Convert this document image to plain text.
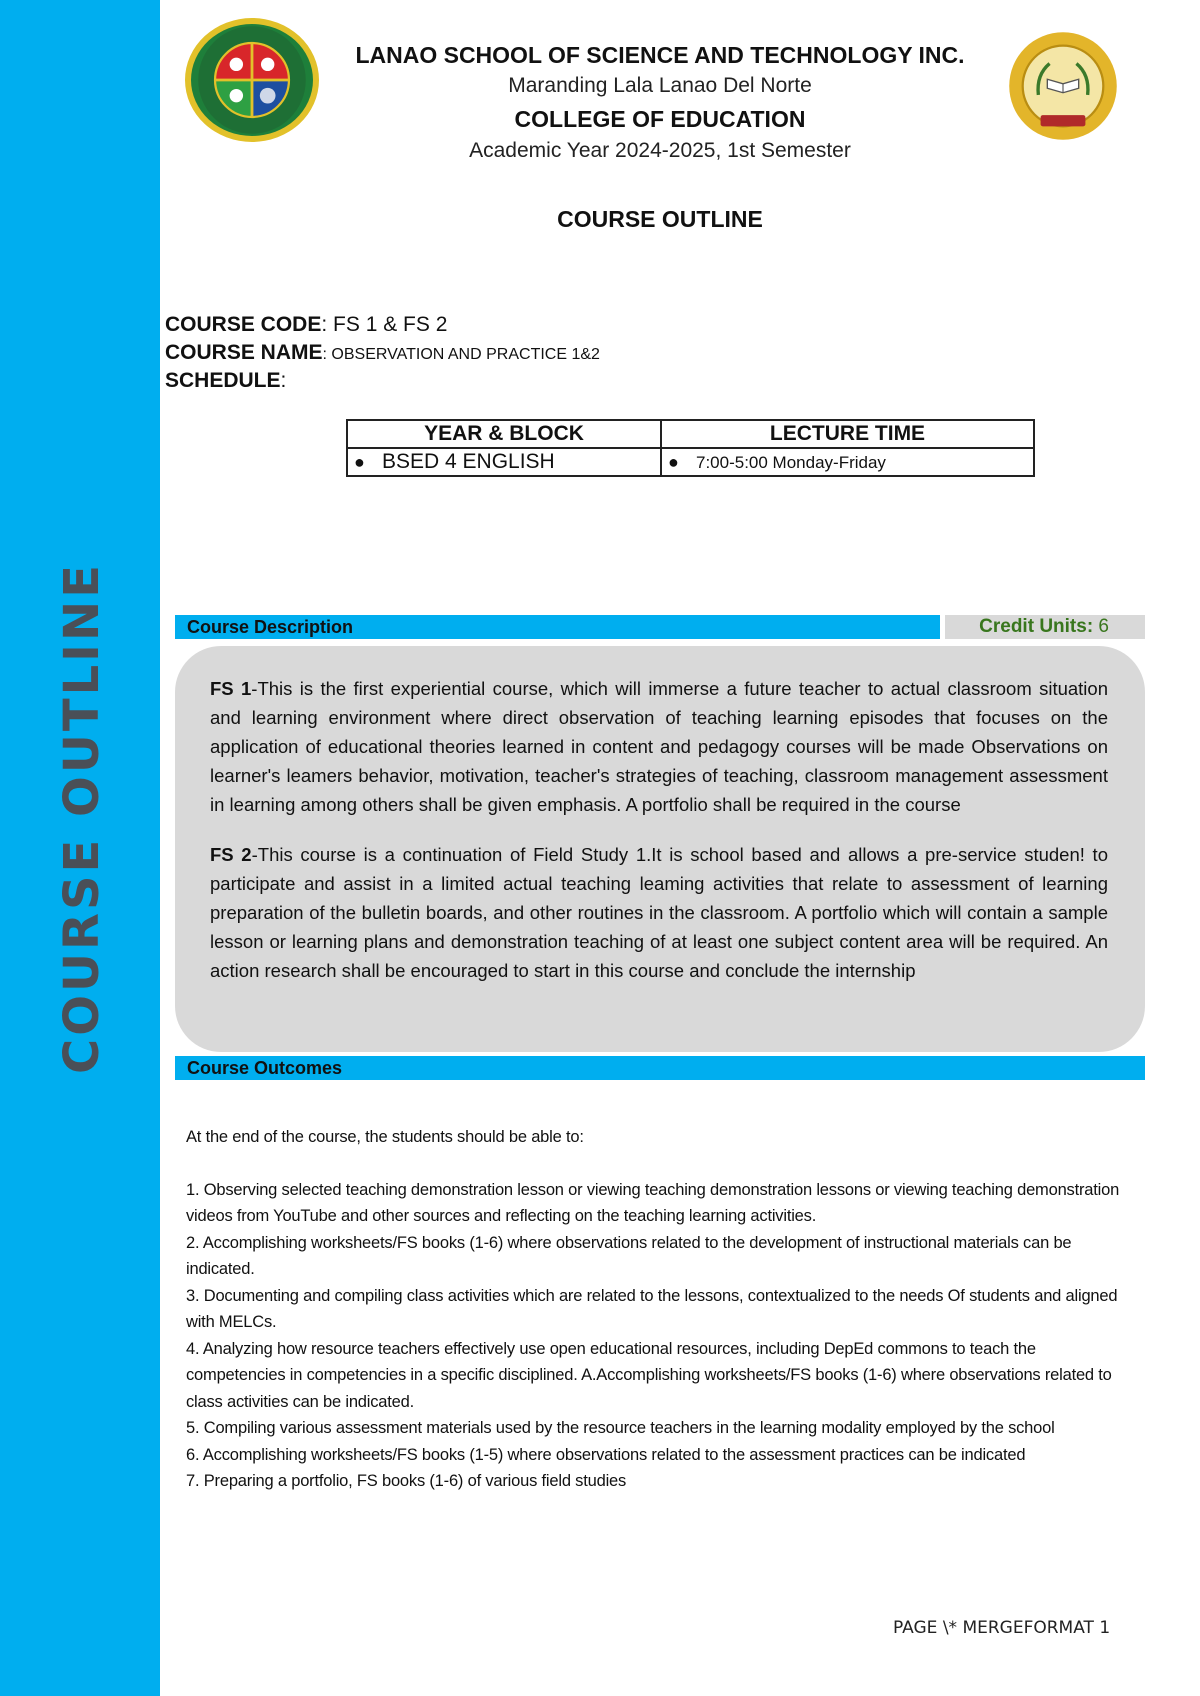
COURSE OUTLINE
LANAO SCHOOL OF SCIENCE AND TECHNOLOGY INC.
Maranding Lala Lanao Del Norte
COLLEGE OF EDUCATION
Academic Year 2024-2025, 1st Semester
COURSE OUTLINE
COURSE CODE: FS 1 & FS 2
COURSE NAME: OBSERVATION AND PRACTICE 1&2
SCHEDULE:
YEAR & BLOCK	LECTURE TIME
● BSED 4 ENGLISH	● 7:00-5:00 Monday-Friday
Course Description	Credit Units: 6
FS 1-This is the first experiential course, which will immerse a future teacher to actual classroom situation and learning environment where direct observation of teaching learning episodes that focuses on the application of educational theories learned in content and pedagogy courses will be made Observations on learner's leamers behavior, motivation, teacher's strategies of teaching, classroom management assessment in learning among others shall be given emphasis. A portfolio shall be required in the course
FS 2-This course is a continuation of Field Study 1.It is school based and allows a pre-service studen! to participate and assist in a limited actual teaching leaming activities that relate to assessment of learning preparation of the bulletin boards, and other routines in the classroom. A portfolio which will contain a sample lesson or learning plans and demonstration teaching of at least one subject content area will be required. An action research shall be encouraged to start in this course and conclude the internship
Course Outcomes

At the end of the course, the students should be able to:

1. Observing selected teaching demonstration lesson or viewing teaching demonstration lessons or viewing teaching demonstration videos from YouTube and other sources and reflecting on the teaching learning activities.

2. Accomplishing worksheets/FS books (1-6) where observations related to the development of instructional materials can be indicated.

3. Documenting and compiling class activities which are related to the lessons, contextualized to the needs Of students and aligned with MELCs.

4. Analyzing how resource teachers effectively use open educational resources, including DepEd commons to teach the competencies in competencies in a specific disciplined. A.Accomplishing worksheets/FS books (1-6) where observations related to class activities can be indicated.

5. Compiling various assessment materials used by the resource teachers in the learning modality employed by the school

6. Accomplishing worksheets/FS books (1-5) where observations related to the assessment practices can be indicated

7. Preparing a portfolio, FS books (1-6) of various field studies

PAGE \* MERGEFORMAT 1
